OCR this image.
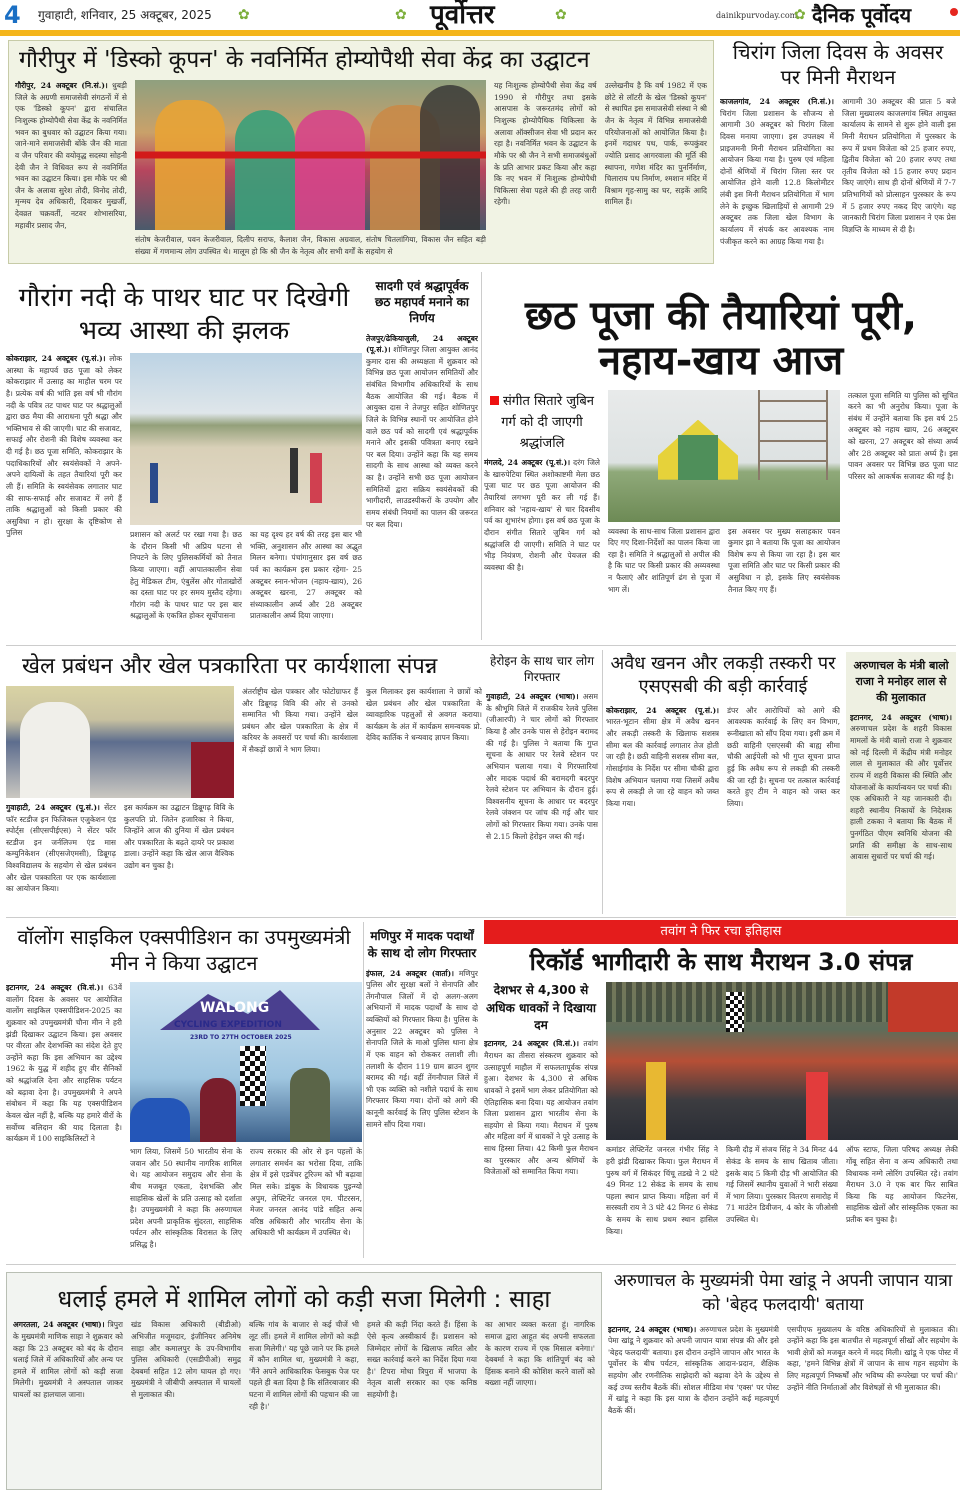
4 गुवाहाटी, शनिवार, 25 अक्टूबर, 2025 ✿	✿ पूर्वोत्तर	✿	dainikpurvoday.com
✿ दैनिक पूर्वोदय
गौरीपुर में 'डिस्को कूपन' के नवनिर्मित होम्योपैथी सेवा केंद्र का उद्घाटन
गौरीपुर, 24 अक्टूबर (नि.सं.)। धुबड़ी जिले के अग्रणी समाजसेवी संगठनों में से एक 'डिस्को कूपन' द्वारा संचालित निःशुल्क होम्योपैथी सेवा केंद्र के नवनिर्मित भवन का बुधवार को उद्घाटन किया गया। जाने-माने समाजसेवी बोंके जैन की माता व जैन परिवार की वयोवृद्ध सदस्या सोहनी देवी जैन ने विधिवत रूप से नवनिर्मित भवन का उद्घाटन किया। इस मौके पर श्री जैन के अलावा सुरेश तोदी, विनोद तोदी, मृन्मय देव अधिकारी, दिवाकर मुखर्जी, देवव्रत चक्रवर्ती, नटवर शोभासरिया, महावीर प्रसाद जैन,
संतोष केजरीवाल, पवन केजरीवाल, दिलीप सराफ, कैलाश जैन, विकास अग्रवाल, संतोष चितलांगिया, विकास जैन सहित बड़ी संख्या में गणमान्य लोग उपस्थित थे। मालूम हो कि श्री जैन के नेतृत्व और सभी वर्गों के सहयोग से
यह निःशुल्क होम्योपैथी सेवा केंद्र वर्ष 1990 से गौरीपुर तथा इसके आसपास के जरूरतमंद लोगों को निःशुल्क होम्योपैथिक चिकित्सा के अलावा ऑक्सीजन सेवा भी प्रदान कर रहा है। नवनिर्मित भवन के उद्घाटन के मौके पर श्री जैन ने सभी समाजबंधुओं के प्रति आभार प्रकट किया और कहा कि नए भवन में निःशुल्क होम्योपैथी चिकित्सा सेवा पहले की ही तरह जारी रहेगी।
उल्लेखनीय है कि वर्ष 1982 में एक छोटे से लॉटरी के खेल 'डिस्को कूपन' से स्थापित इस समाजसेवी संस्था ने श्री जैन के नेतृत्व में विभिन्न समाजसेवी परियोजनाओं को आयोजित किया है। इनमें गदाधर पथ, पार्क, रूपकुंवर ज्योति प्रसाद आगरवाला की मूर्ति की स्थापना, गणेश मंदिर का पुनर्निर्माण, चिलाराय पथ निर्माण, श्मशान मंदिर में विश्राम गृह-सामु का घर, सड़कें आदि शामिल हैं।
चिरांग जिला दिवस के अवसर पर मिनी मैराथन
काजलगांव, 24 अक्टूबर (नि.सं.)। चिरांग जिला प्रशासन के सौजन्य से आगामी 30 अक्टूबर को चिरांग जिला दिवस मनाया जाएगा। इस उपलक्ष्य में प्राइजमनी मिनी मैराथन प्रतियोगिता का आयोजन किया गया है। पुरुष एवं महिला दोनों श्रेणियों में चिरांग जिला स्तर पर आयोजित होने वाली 12.8 किलोमीटर लंबी इस मिनी मैराथन प्रतियोगिता में भाग लेने के इच्छुक खिलाड़ियों से आगामी 29 अक्टूबर तक जिला खेल विभाग के कार्यालय में संपर्क कर आवश्यक नाम पंजीकृत करने का आग्रह किया गया है।
आगामी 30 अक्टूबर की प्रातः 5 बजे जिला मुख्यालय काजलगांव स्थित आयुक्त कार्यालय के सामने से शुरू होने वाली इस मिनी मैराथन प्रतियोगिता में पुरस्कार के रूप में प्रथम विजेता को 25 हजार रुपए, द्वितीय विजेता को 20 हजार रुपए तथा तृतीय विजेता को 15 हजार रुपए प्रदान किए जाएंगे। साथ ही दोनों श्रेणियों में 7-7 प्रतिभागियों को प्रोत्साहन पुरस्कार के रूप में 5 हजार रुपए नकद दिए जाएंगे। यह जानकारी चिरांग जिला प्रशासन ने एक प्रेस विज्ञप्ति के माध्यम से दी है।
गौरांग नदी के पाथर घाट पर दिखेगी भव्य आस्था की झलक
कोकराझार, 24 अक्टूबर (पू.सं.)। लोक आस्था के महापर्व छठ पूजा को लेकर कोकराझार में उत्साह का माहौल चरम पर है। प्रत्येक वर्ष की भांति इस वर्ष भी गौरांग नदी के पवित्र तट पाथर घाट पर श्रद्धालुओं द्वारा छठ मैया की आराधना पूरी श्रद्धा और भक्तिभाव से की जाएगी। घाट की सजावट, सफाई और रोशनी की विशेष व्यवस्था कर दी गई है। छठ पूजा समिति, कोकराझार के पदाधिकारियों और स्वयंसेवकों ने अपने-अपने दायित्वों के तहत तैयारियां पूरी कर ली हैं। समिति के स्वयंसेवक लगातार घाट की साफ-सफाई और सजावट में लगे हैं ताकि श्रद्धालुओं को किसी प्रकार की असुविधा न हो। सुरक्षा के दृष्टिकोण से पुलिस	प्रशासन को अलर्ट पर रखा गया है। छठ के दौरान किसी भी अप्रिय घटना से निपटने के लिए पुलिसकर्मियों को तैनात किया जाएगा। वहीं आपातकालीन सेवा हेतु मेडिकल टीम, एंबुलेंस और गोताखोरों का दस्ता घाट पर हर समय मुस्तैद रहेगा। गौरांग नदी के पाथर घाट पर इस बार श्रद्धालुओं के एकत्रित होकर सूर्योपासना
का यह दृश्य हर वर्ष की तरह इस बार भी भक्ति, अनुशासन और आस्था का अद्भुत मिलन बनेगा। पंचांगानुसार इस वर्ष छठ पर्व का कार्यक्रम इस प्रकार रहेगा- 25 अक्टूबर स्नान-भोजन (नहाय-खाय), 26 अक्टूबर खरना, 27 अक्टूबर को संध्याकालीन अर्घ्य और 28 अक्टूबर प्रातःकालीन अर्घ्य दिया जाएगा।
सादगी एवं श्रद्धापूर्वक छठ महापर्व मनाने का निर्णय
तेजपुर/ढेकियाजुली, 24 अक्टूबर (पू.सं.)। शोणितपुर जिला आयुक्त आनंद कुमार दास की अध्यक्षता में शुक्रवार को विभिन्न छठ पूजा आयोजन समितियों और संबंधित विभागीय अधिकारियों के साथ बैठक आयोजित की गई। बैठक में आयुक्त दास ने तेजपुर सहित शोणितपुर जिले के विभिन्न स्थानों पर आयोजित होने वाले छठ पर्व को सादगी एवं श्रद्धापूर्वक मनाने और इसकी पवित्रता बनाए रखने पर बल दिया। उन्होंने कहा कि यह समय सादगी के साथ आस्था को व्यक्त करने का है। उन्होंने सभी छठ पूजा आयोजन समितियों द्वारा सक्रिय स्वयंसेवकों की भागीदारी, लाउडस्पीकरों के उपयोग और समय संबंधी नियमों का पालन की जरूरत पर बल दिया।
छठ पूजा की तैयारियां पूरी, नहाय-खाय आज
संगीत सितारे जुबिन गर्ग को दी जाएगी श्रद्धांजलि
मंगलदे, 24 अक्टूबर (पू.सं.)। दरंग जिले के खारुपेटिया स्थित अशोकाष्टमी मेला छठ पूजा घाट पर छठ पूजा आयोजन की तैयारियां लगभग पूरी कर ली गई हैं। शनिवार को 'नहाय-खाय' से चार दिवसीय पर्व का शुभारंभ होगा। इस वर्ष छठ पूजा के दौरान संगीत सितारे जुबिन गर्ग को श्रद्धांजलि दी जाएगी। समिति ने घाट पर भीड़ नियंत्रण, रोशनी और पेयजल की व्यवस्था की है।
व्यवस्था के साथ-साथ जिला प्रशासन द्वारा दिए गए दिशा-निर्देशों का पालन किया जा रहा है। समिति ने श्रद्धालुओं से अपील की है कि घाट पर किसी प्रकार की अव्यवस्था न फैलाएं और शांतिपूर्ण ढंग से पूजा में भाग लें।
इस अवसर पर मुख्य सलाहकार पवन कुमार झा ने बताया कि पूजा का आयोजन विशेष रूप से किया जा रहा है। इस बार पूजा समिति और घाट पर किसी प्रकार की असुविधा न हो, इसके लिए स्वयंसेवक तैनात किए गए हैं।
तत्काल पूजा समिति या पुलिस को सूचित करने का भी अनुरोध किया। पूजा के संबंध में उन्होंने बताया कि इस वर्ष 25 अक्टूबर को नहाय खाय, 26 अक्टूबर को खरना, 27 अक्टूबर को संध्या अर्घ्य और 28 अक्टूबर को प्रातः अर्घ्य है। इस पावन अवसर पर विभिन्न छठ पूजा घाट परिसर को आकर्षक सजावट की गई है।
खेल प्रबंधन और खेल पत्रकारिता पर कार्यशाला संपन्न
गुवाहाटी, 24 अक्टूबर (पू.सं.)। सेंटर फॉर स्टडीज इन फिजिकल एजुकेशन एंड स्पोर्ट्स (सीएसपीईएस) ने सेंटर फॉर स्टडीज इन जर्नलिज्म एंड मास कम्युनिकेशन (सीएसजेएमसी), डिब्रूगढ़ विश्वविद्यालय के सहयोग से खेल प्रबंधन और खेल पत्रकारिता पर एक कार्यशाला का आयोजन किया।
इस कार्यक्रम का उद्घाटन डिब्रूगढ़ विवि के कुलपति प्रो. जितेन हजारिका ने किया, जिन्होंने आज की दुनिया में खेल प्रबंधन और पत्रकारिता के बढ़ते दायरे पर प्रकाश डाला। उन्होंने कहा कि खेल आज वैश्विक उद्योग बन चुका है।
अंतर्राष्ट्रीय खेल पत्रकार और फोटोग्राफर हैं और डिब्रूगढ़ विवि की ओर से उनको सम्मानित भी किया गया। उन्होंने खेल प्रबंधन और खेल पत्रकारिता के क्षेत्र में करियर के अवसरों पर चर्चा की। कार्यशाला में सैकड़ों छात्रों ने भाग लिया।
कुल मिलाकर इस कार्यशाला ने छात्रों को खेल प्रबंधन और खेल पत्रकारिता के व्यावहारिक पहलुओं से अवगत कराया। कार्यक्रम के अंत में कार्यक्रम समन्वयक प्रो. देविद कार्तिक ने धन्यवाद ज्ञापन किया।
हेरोइन के साथ चार लोग गिरफ्तार
गुवाहाटी, 24 अक्टूबर (भाषा)। असम के श्रीभूमि जिले में राजकीय रेलवे पुलिस (जीआरपी) ने चार लोगों को गिरफ्तार किया है और उनके पास से हेरोइन बरामद की गई है। पुलिस ने बताया कि गुप्त सूचना के आधार पर रेलवे स्टेशन पर अभियान चलाया गया। ये गिरफ्तारियां और मादक पदार्थ की बरामदगी बदरपुर रेलवे स्टेशन पर अभियान के दौरान हुई। विश्वसनीय सूचना के आधार पर बदरपुर रेलवे जंक्शन पर जांच की गई और चार लोगों को गिरफ्तार किया गया। उनके पास से 2.15 किलो हेरोइन जब्त की गई।
अवैध खनन और लकड़ी तस्करी पर एसएसबी की बड़ी कार्रवाई
कोकराझार, 24 अक्टूबर (पू.सं.)। भारत-भूटान सीमा क्षेत्र में अवैध खनन और लकड़ी तस्करी के खिलाफ सशस्त्र सीमा बल की कार्रवाई लगातार तेज होती जा रही है। छठी वाहिनी सशस्त्र सीमा बल, गोसाईगांव के निर्देश पर सीमा चौकी द्वारा विशेष अभियान चलाया गया जिसमें अवैध रूप से लकड़ी ले जा रहे वाहन को जब्त किया गया।
डंपर और आरोपियों को आगे की आवश्यक कार्रवाई के लिए वन विभाग, रूनीखाता को सौंप दिया गया। इसी क्रम में छठी वाहिनी एसएसबी की बाह्य सीमा चौकी आईपेली को भी गुप्त सूचना प्राप्त हुई कि अवैध रूप से लकड़ी की तस्करी की जा रही है। सूचना पर तत्काल कार्रवाई करते हुए टीम ने वाहन को जब्त कर लिया।
अरुणाचल के मंत्री बालो राजा ने मनोहर लाल से की मुलाकात
इटानगर, 24 अक्टूबर (भाषा)। अरुणाचल प्रदेश के शहरी विकास मामलों के मंत्री बालो राजा ने शुक्रवार को नई दिल्ली में केंद्रीय मंत्री मनोहर लाल से मुलाकात की और पूर्वोत्तर राज्य में शहरी विकास की स्थिति और योजनाओं के कार्यान्वयन पर चर्चा की। एक अधिकारी ने यह जानकारी दी। शहरी स्थानीय निकायों के निदेशक हाली टकका ने बताया कि बैठक में पुनर्गठित पीएम स्वनिधि योजना की प्रगति की समीक्षा के साथ-साथ आवास सुधारों पर चर्चा की गई।
वॉलोंग साइकिल एक्सपीडिशन का उपमुख्यमंत्री मीन ने किया उद्घाटन
इटानगर, 24 अक्टूबर (वि.सं.)। 63वें वालोंग दिवस के अवसर पर आयोजित वालोंग साइकिल एक्सपीडिशन-2025 का शुक्रवार को उपमुख्यमंत्री चौना मीन ने हरी झंडी दिखाकर उद्घाटन किया। इस अवसर पर वीरता और देशभक्ति का संदेश देते हुए उन्होंने कहा कि इस अभियान का उद्देश्य 1962 के युद्ध में शहीद हुए वीर सैनिकों को श्रद्धांजलि देना और साहसिक पर्यटन को बढ़ावा देना है। उपमुख्यमंत्री ने अपने संबोधन में कहा कि यह एक्सपीडिशन केवल खेल नहीं है, बल्कि यह हमारे वीरों के सर्वोच्च बलिदान की याद दिलाता है। कार्यक्रम में 100 साइकिलिस्टों ने
WALONG
CYCLING EXPEDITION
23RD TO 27TH OCTOBER 2025
भाग लिया, जिसमें 50 भारतीय सेना के जवान और 50 स्थानीय नागरिक शामिल थे। यह आयोजन समुदाय और सेना के बीच मजबूत एकता, देशभक्ति और साहसिक खेलों के प्रति उत्साह को दर्शाता है। उपमुख्यमंत्री ने कहा कि अरुणाचल प्रदेश अपनी प्राकृतिक सुंदरता, साहसिक पर्यटन और सांस्कृतिक विरासत के लिए प्रसिद्ध है।
राज्य सरकार की ओर से इन पहलों के लगातार समर्थन का भरोसा दिया, ताकि क्षेत्र में इसे एडवेंचर टूरिज्म को भी बढ़ावा मिल सके। डांबुक के विधायक पुइन्ग्यो अपुम, लेफ्टिनेंट जनरल एम. पीटरसन, मेजर जनरल आनंद पांडे सहित अन्य वरिष्ठ अधिकारी और भारतीय सेना के अधिकारी भी कार्यक्रम में उपस्थित थे।
मणिपुर में मादक पदार्थों के साथ दो लोग गिरफ्तार
इंफाल, 24 अक्टूबर (वार्ता)। मणिपुर पुलिस और सुरक्षा बलों ने सेनापति और तेंगनौपाल जिलों में दो अलग-अलग अभियानों में मादक पदार्थों के साथ दो व्यक्तियों को गिरफ्तार किया है। पुलिस के अनुसार 22 अक्टूबर को पुलिस ने सेनापति जिले के माओ पुलिस थाना क्षेत्र में एक वाहन को रोककर तलाशी ली। तलाशी के दौरान 119 ग्राम ब्राउन शुगर बरामद की गई। वहीं तेंगनौपाल जिले में भी एक व्यक्ति को नशीले पदार्थ के साथ गिरफ्तार किया गया। दोनों को आगे की कानूनी कार्रवाई के लिए पुलिस स्टेशन के सामने सौंप दिया गया।
तवांग ने फिर रचा इतिहास
रिकॉर्ड भागीदारी के साथ मैराथन 3.0 संपन्न
देशभर से 4,300 से अधिक धावकों ने दिखाया दम
इटानगर, 24 अक्टूबर (वि.सं.)। तवांग मैराथन का तीसरा संस्करण शुक्रवार को उत्साहपूर्ण माहौल में सफलतापूर्वक संपन्न हुआ। देशभर के 4,300 से अधिक धावकों ने इसमें भाग लेकर प्रतियोगिता को ऐतिहासिक बना दिया। यह आयोजन तवांग जिला प्रशासन द्वारा भारतीय सेना के सहयोग से किया गया। मैराथन में पुरुष और महिला वर्ग में धावकों ने पूरे उत्साह के साथ हिस्सा लिया। 42 किमी फुल मैराथन का पुरस्कार और अन्य श्रेणियों के विजेताओं को सम्मानित किया गया।
कमांडर लेफ्टिनेंट जनरल गंभीर सिंह ने हरी झंडी दिखाकर किया। फुल मैराथन में पुरुष वर्ग में सिकंदर चिंचू तडखे ने 2 घंटे 49 मिनट 12 सेकंड के समय के साथ पहला स्थान प्राप्त किया। महिला वर्ग में सरस्वती राय ने 3 घंटे 42 मिनट 6 सेकंड के समय के साथ प्रथम स्थान हासिल किया।
किमी दौड़ में संजय सिंह ने 34 मिनट 44 सेकंड के समय के साथ खिताब जीता। इसके बाद 5 किमी दौड़ भी आयोजित की गई जिसमें स्थानीय युवाओं ने भारी संख्या में भाग लिया। पुरस्कार वितरण समारोह में 71 माउंटेन डिवीजन, 4 कोर के जीओसी उपस्थित थे।
ऑफ स्टाफ, जिला परिषद अध्यक्ष लेकी गोंबू सहित सेना व अन्य अधिकारी तथा विधायक नम्गे त्सेरिंग उपस्थित रहे। तवांग मैराथन 3.0 ने एक बार फिर साबित किया कि यह आयोजन फिटनेस, साहसिक खेलों और सांस्कृतिक एकता का प्रतीक बन चुका है।
धलाई हमले में शामिल लोगों को कड़ी सजा मिलेगी : साहा
अगरतला, 24 अक्टूबर (भाषा)। त्रिपुरा के मुख्यमंत्री माणिक साहा ने शुक्रवार को कहा कि 23 अक्टूबर को बंद के दौरान धलाई जिले में अधिकारियों और अन्य पर हमले में शामिल लोगों को कड़ी सजा मिलेगी। मुख्यमंत्री ने अस्पताल जाकर घायलों का हालचाल जाना।
खंड विकास अधिकारी (बीडीओ) अभिजीत मजूमदार, इंजीनियर अनिमेष साहा और कमालपुर के उप-विभागीय पुलिस अधिकारी (एसडीपीओ) समुद्र देबबर्मा सहित 12 लोग घायल हो गए। मुख्यमंत्री ने जीबीपी अस्पताल में घायलों से मुलाकात की।
बल्कि गांव के बाजार से कई चीजें भी लूट लीं। हमले में शामिल लोगों को कड़ी सजा मिलेगी।' यह पूछे जाने पर कि हमले में कौन शामिल था, मुख्यमंत्री ने कहा, 'मैंने अपने आधिकारिक फेसबुक पेज पर पहले ही बता दिया है कि संतिरबाजार की घटना में शामिल लोगों की पहचान की जा रही है।'
हमले की कड़ी निंदा करते हैं। हिंसा के ऐसे कृत्य अस्वीकार्य हैं। प्रशासन को जिम्मेदार लोगों के खिलाफ त्वरित और सख्त कार्रवाई करने का निर्देश दिया गया है।' टिपरा मोथा त्रिपुरा में भाजपा के नेतृत्व वाली सरकार का एक कनिष्ठ सहयोगी है।
का आभार व्यक्त करता हूं। नागरिक समाज द्वारा आहूत बंद अपनी सफलता के कारण राज्य में एक मिसाल बनेगा।' देबबर्मा ने कहा कि शांतिपूर्ण बंद को हिंसक बनाने की कोशिश करने वालों को बख्शा नहीं जाएगा।
अरुणाचल के मुख्यमंत्री पेमा खांडू ने अपनी जापान यात्रा को 'बेहद फलदायी' बताया
इटानगर, 24 अक्टूबर (भाषा)। अरुणाचल प्रदेश के मुख्यमंत्री पेमा खांडू ने शुक्रवार को अपनी जापान यात्रा संपन्न की और इसे 'बेहद फलदायी' बताया। इस दौरान उन्होंने जापान और भारत के पूर्वोत्तर के बीच पर्यटन, सांस्कृतिक आदान-प्रदान, शैक्षिक सहयोग और रणनीतिक साझेदारी को बढ़ावा देने के उद्देश्य से कई उच्च स्तरीय बैठकें कीं। सोशल मीडिया मंच 'एक्स' पर पोस्ट में खांडू ने कहा कि इस यात्रा के दौरान उन्होंने कई महत्वपूर्ण बैठकें कीं।
एसपीएफ मुख्यालय के वरिष्ठ अधिकारियों से मुलाकात की। उन्होंने कहा कि इस बातचीत से महत्वपूर्ण सीखों और सहयोग के भावी क्षेत्रों को मजबूत करने में मदद मिली। खांडू ने एक पोस्ट में कहा, 'हमने विभिन्न क्षेत्रों में जापान के साथ गहन सहयोग के लिए महत्वपूर्ण निष्कर्षों और भविष्य की रूपरेखा पर चर्चा की।' उन्होंने नीति निर्माताओं और विशेषज्ञों से भी मुलाकात की।
